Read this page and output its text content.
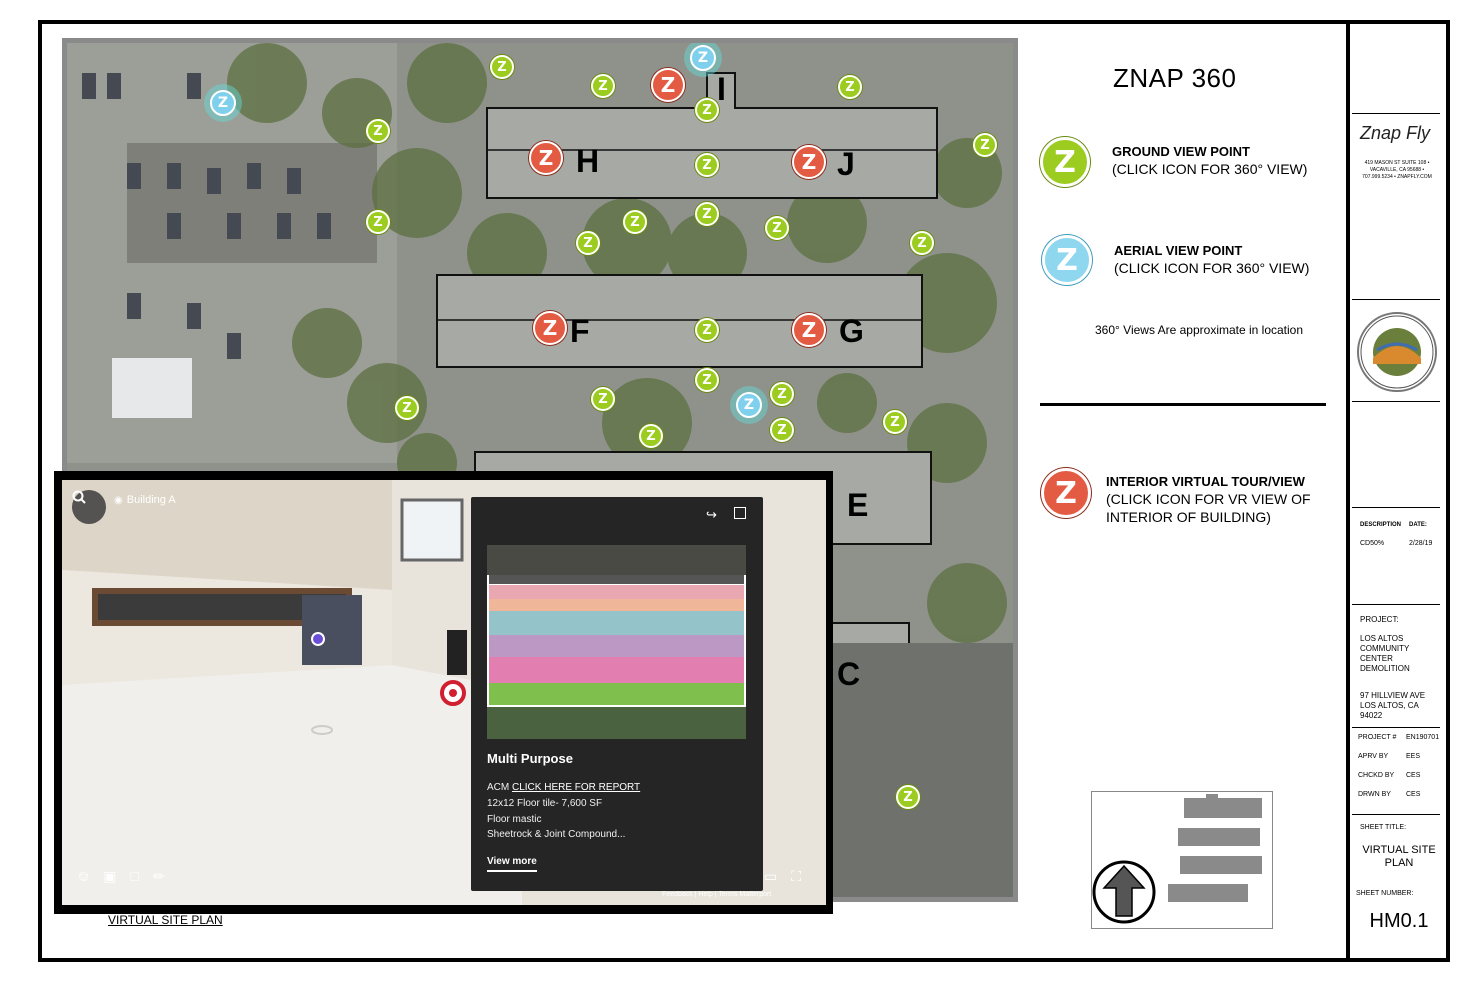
I
H	J
F	G
E
C
Z
Z	Z
Z	Z
Z
Z
Z
Z
Z
Z
Z
Z
Z
Z
Z
Z	Z	Z
Z	Z
Z
Z
Z	Z
Z
Z
Z
Z
Z
◉ Building A
⎊ ▣ □ ✏	▭ ⛶
Feedback | Help | Terms Matterport
↪
Multi Purpose
ACM CLICK HERE FOR REPORT
12x12 Floor tile- 7,600 SF
Floor mastic
Sheetrock & Joint Compound...
View more
VIRTUAL SITE PLAN
ZNAP 360
Z	GROUND VIEW POINT
(CLICK ICON FOR 360° VIEW)
Z	AERIAL VIEW POINT
(CLICK ICON FOR 360° VIEW)
360° Views Are approximate in location
Z	INTERIOR VIRTUAL TOUR/VIEW
(CLICK ICON FOR VR VIEW OF
INTERIOR OF BUILDING)
Znap Fly
419 MASON ST SUITE 108 •
VACAVILLE, CA 95688 •
707.999.5234 • ZNAPFLY.COM
DESCRIPTION DATE:
CD50%	2/28/19
PROJECT:
LOS ALTOS
COMMUNITY
CENTER
DEMOLITION
97 HILLVIEW AVE
LOS ALTOS, CA
94022
PROJECT # EN190701
APRV BY	EES
CHCKD BY CES
DRWN BY CES
SHEET TITLE:
VIRTUAL SITE
PLAN
SHEET NUMBER:
HM0.1
